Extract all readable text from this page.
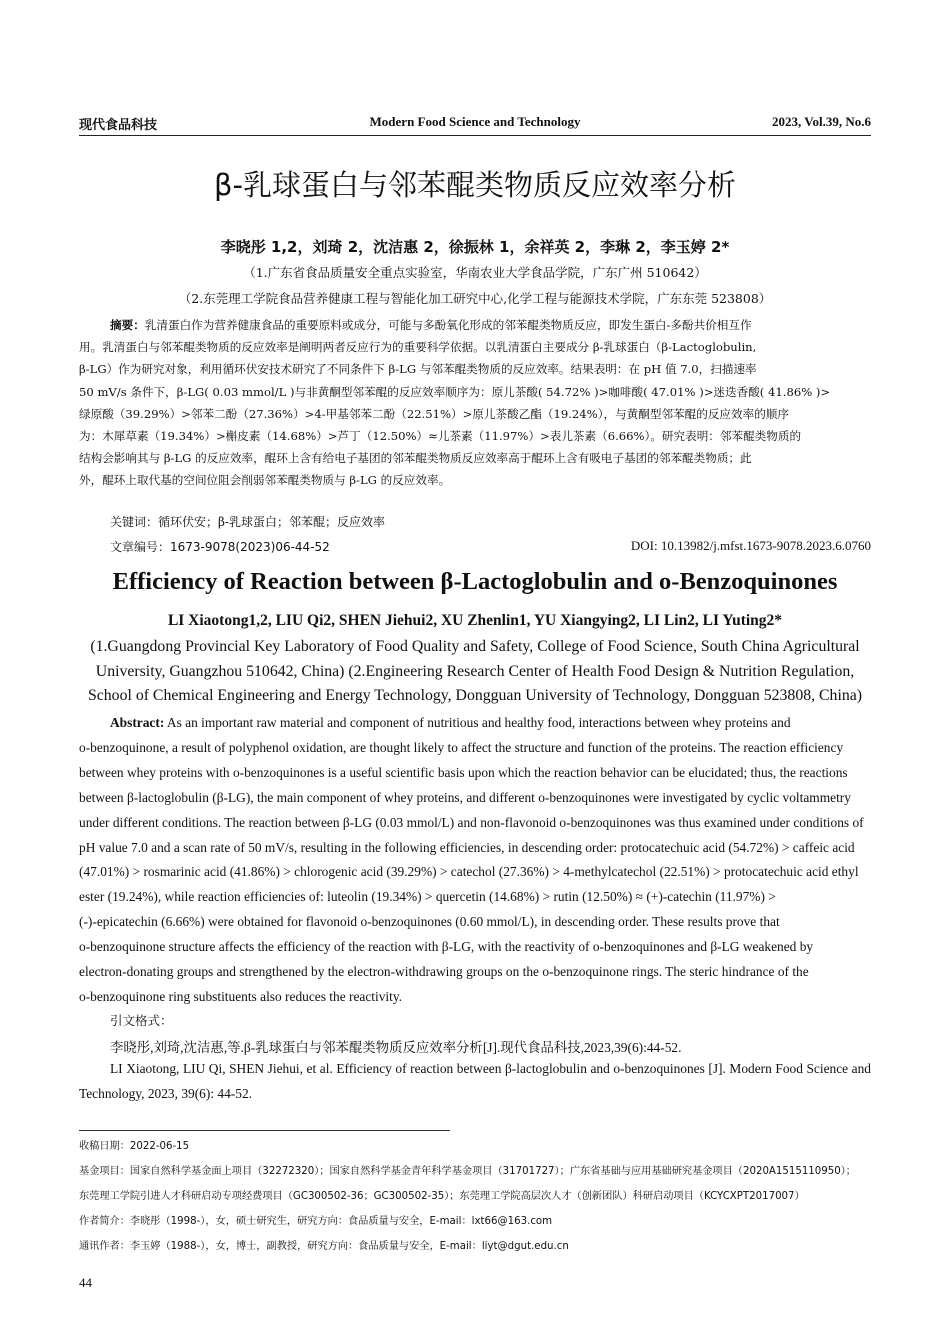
现代食品科技	Modern Food Science and Technology	2023, Vol.39, No.6
β-乳球蛋白与邻苯醌类物质反应效率分析
李晓彤 1,2，刘琦 2，沈洁惠 2，徐振林 1，余祥英 2，李琳 2，李玉婷 2*
（1.广东省食品质量安全重点实验室，华南农业大学食品学院，广东广州 510642）
（2.东莞理工学院食品营养健康工程与智能化加工研究中心,化学工程与能源技术学院，广东东莞 523808）
摘要：乳清蛋白作为营养健康食品的重要原料或成分，可能与多酚氧化形成的邻苯醌类物质反应，即发生蛋白-多酚共价相互作
用。乳清蛋白与邻苯醌类物质的反应效率是阐明两者反应行为的重要科学依据。以乳清蛋白主要成分 β-乳球蛋白（β-Lactoglobulin,
β-LG）作为研究对象，利用循环伏安技术研究了不同条件下 β-LG 与邻苯醌类物质的反应效率。结果表明：在 pH 值 7.0，扫描速率
50 mV/s 条件下，β-LG( 0.03 mmol/L )与非黄酮型邻苯醌的反应效率顺序为：原儿茶酸( 54.72% )>咖啡酸( 47.01% )>迷迭香酸( 41.86% )>
绿原酸（39.29%）>邻苯二酚（27.36%）>4-甲基邻苯二酚（22.51%）>原儿茶酸乙酯（19.24%），与黄酮型邻苯醌的反应效率的顺序
为：木犀草素（19.34%）>槲皮素（14.68%）>芦丁（12.50%）≈儿茶素（11.97%）>表儿茶素（6.66%）。研究表明：邻苯醌类物质的
结构会影响其与 β-LG 的反应效率，醌环上含有给电子基团的邻苯醌类物质反应效率高于醌环上含有吸电子基团的邻苯醌类物质；此
外，醌环上取代基的空间位阻会削弱邻苯醌类物质与 β-LG 的反应效率。
关键词：循环伏安；β-乳球蛋白；邻苯醌；反应效率
文章编号：1673-9078(2023)06-44-52	DOI: 10.13982/j.mfst.1673-9078.2023.6.0760
Efficiency of Reaction between β-Lactoglobulin and o-Benzoquinones
LI Xiaotong1,2, LIU Qi2, SHEN Jiehui2, XU Zhenlin1, YU Xiangying2, LI Lin2, LI Yuting2*
(1.Guangdong Provincial Key Laboratory of Food Quality and Safety, College of Food Science, South China Agricultural
University, Guangzhou 510642, China) (2.Engineering Research Center of Health Food Design & Nutrition Regulation,
School of Chemical Engineering and Energy Technology, Dongguan University of Technology, Dongguan 523808, China)
Abstract: As an important raw material and component of nutritious and healthy food, interactions between whey proteins and
o-benzoquinone, a result of polyphenol oxidation, are thought likely to affect the structure and function of the proteins. The reaction efficiency
between whey proteins with o-benzoquinones is a useful scientific basis upon which the reaction behavior can be elucidated; thus, the reactions
between β-lactoglobulin (β-LG), the main component of whey proteins, and different o-benzoquinones were investigated by cyclic voltammetry
under different conditions. The reaction between β-LG (0.03 mmol/L) and non-flavonoid o-benzoquinones was thus examined under conditions of
pH value 7.0 and a scan rate of 50 mV/s, resulting in the following efficiencies, in descending order: protocatechuic acid (54.72%) > caffeic acid
(47.01%) > rosmarinic acid (41.86%) > chlorogenic acid (39.29%) > catechol (27.36%) > 4-methylcatechol (22.51%) > protocatechuic acid ethyl
ester (19.24%), while reaction efficiencies of: luteolin (19.34%) > quercetin (14.68%) > rutin (12.50%) ≈ (+)-catechin (11.97%) >
(-)-epicatechin (6.66%) were obtained for flavonoid o-benzoquinones (0.60 mmol/L), in descending order. These results prove that
o-benzoquinone structure affects the efficiency of the reaction with β-LG, with the reactivity of o-benzoquinones and β-LG weakened by
electron-donating groups and strengthened by the electron-withdrawing groups on the o-benzoquinone rings. The steric hindrance of the
o-benzoquinone ring substituents also reduces the reactivity.
引文格式：
李晓彤,刘琦,沈洁惠,等.β-乳球蛋白与邻苯醌类物质反应效率分析[J].现代食品科技,2023,39(6):44-52.

LI Xiaotong, LIU Qi, SHEN Jiehui, et al. Efficiency of reaction between β-lactoglobulin and o-benzoquinones [J]. Modern Food Science and Technology, 2023, 39(6): 44-52.

收稿日期：2022-06-15
基金项目：国家自然科学基金面上项目（32272320）；国家自然科学基金青年科学基金项目（31701727）；广东省基础与应用基础研究基金项目（2020A1515110950）；
东莞理工学院引进人才科研启动专项经费项目（GC300502-36；GC300502-35）；东莞理工学院高层次人才（创新团队）科研启动项目（KCYCXPT2017007）
作者简介：李晓彤（1998-），女，硕士研究生，研究方向：食品质量与安全，E-mail：lxt66@163.com
通讯作者：李玉婷（1988-），女，博士，副教授，研究方向：食品质量与安全，E-mail：liyt@dgut.edu.cn
44
